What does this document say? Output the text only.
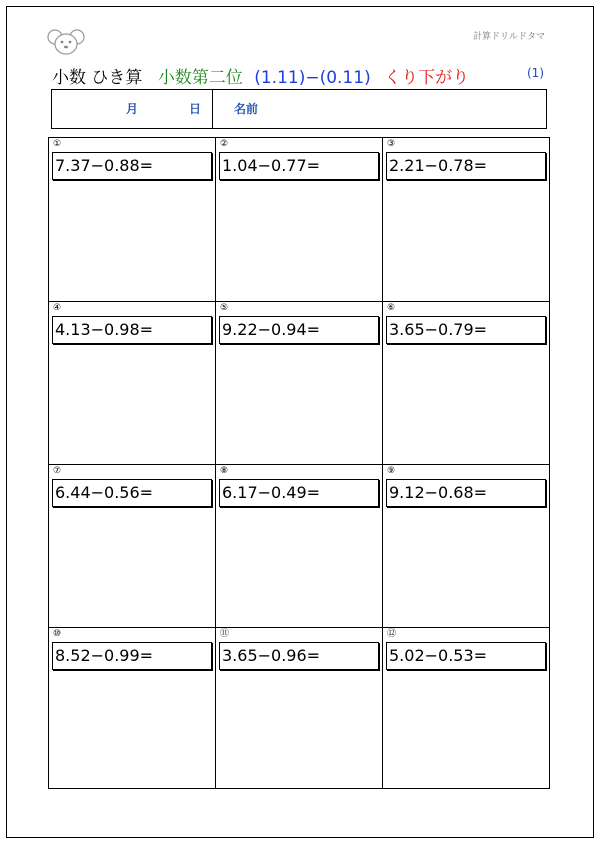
計算ドリルドタマ
小数 ひき算 小数第二位 (1.11)−(0.11) くり下がり	(1)
月	日	名前
①
7.37−0.88=
②
1.04−0.77=
③
2.21−0.78=
④
4.13−0.98=
⑤
9.22−0.94=
⑥
3.65−0.79=
⑦
6.44−0.56=
⑧
6.17−0.49=
⑨
9.12−0.68=
⑩
8.52−0.99=
⑪
3.65−0.96=
⑫
5.02−0.53=
